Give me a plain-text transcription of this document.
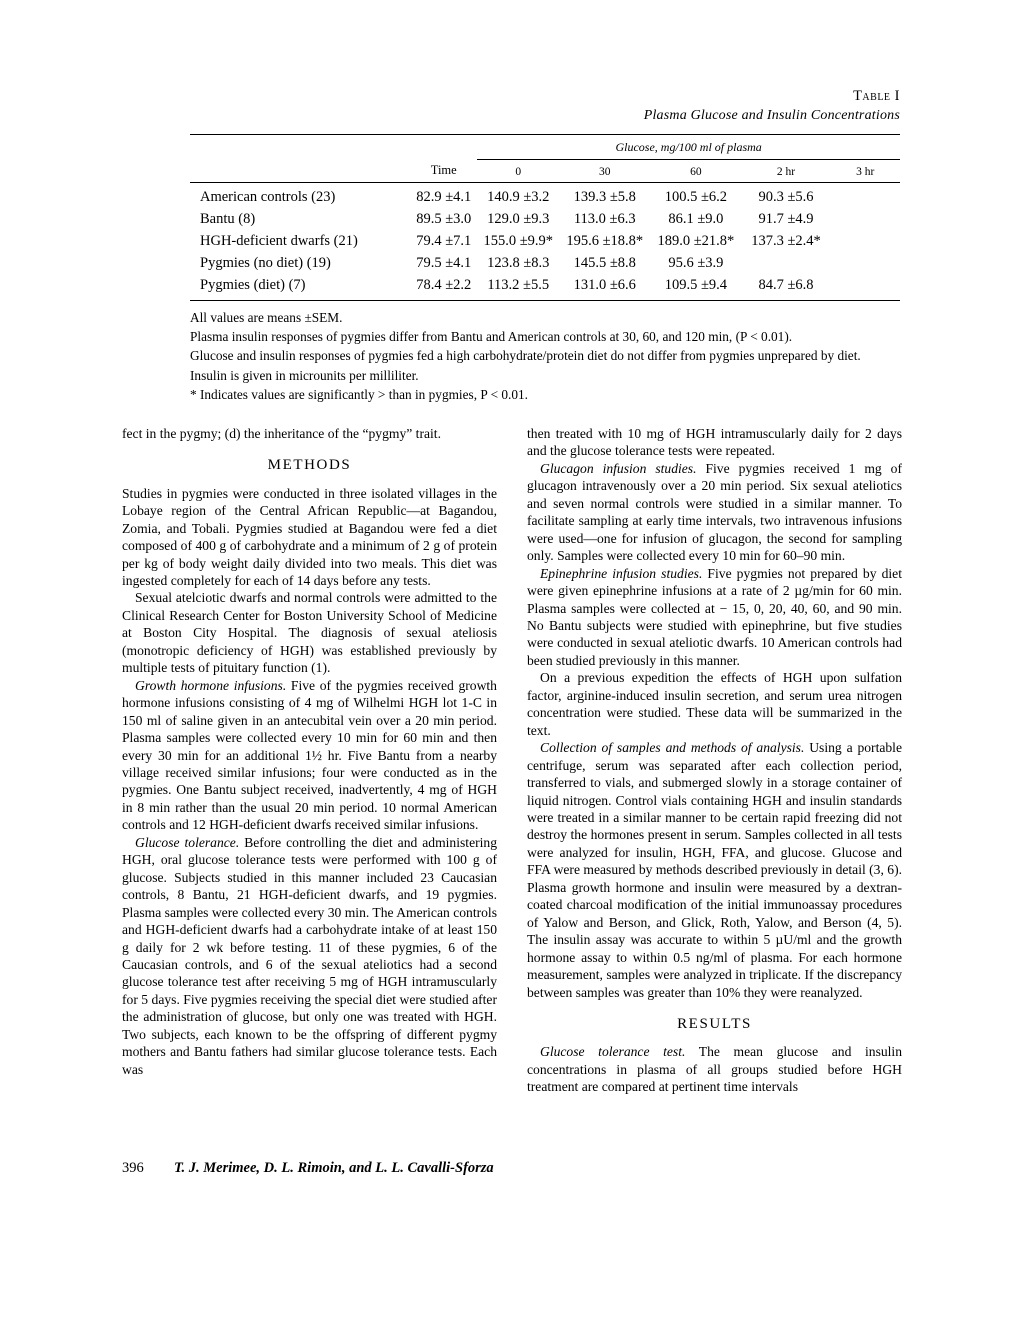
Table I
Plasma Glucose and Insulin Concentrations

		Glucose, mg/100 ml of plasma				
	Time	0	30	60	2 hr	3 hr

American controls (23)	82.9 ±4.1	140.9 ±3.2	139.3 ±5.8	100.5 ±6.2	90.3 ±5.6	
Bantu (8)	89.5 ±3.0	129.0 ±9.3	113.0 ±6.3	86.1 ±9.0	91.7 ±4.9	
HGH-deficient dwarfs (21)	79.4 ±7.1	155.0 ±9.9*	195.6 ±18.8*	189.0 ±21.8*	137.3 ±2.4*	
Pygmies (no diet) (19)	79.5 ±4.1	123.8 ±8.3	145.5 ±8.8	95.6 ±3.9		
Pygmies (diet) (7)	78.4 ±2.2	113.2 ±5.5	131.0 ±6.6	109.5 ±9.4	84.7 ±6.8	

All values are means ±SEM.

Plasma insulin responses of pygmies differ from Bantu and American controls at 30, 60, and 120 min, (P < 0.01).

Glucose and insulin responses of pygmies fed a high carbohydrate/protein diet do not differ from pygmies unprepared by diet.

Insulin is given in microunits per milliliter.

* Indicates values are significantly > than in pygmies, P < 0.01.

fect in the pygmy; (d) the inheritance of the “pygmy” trait.

METHODS

Studies in pygmies were conducted in three isolated villages in the Lobaye region of the Central African Republic—at Bagandou, Zomia, and Tobali. Pygmies studied at Bagandou were fed a diet composed of 400 g of carbohydrate and a minimum of 2 g of protein per kg of body weight daily divided into two meals. This diet was ingested completely for each of 14 days before any tests.

Sexual atelciotic dwarfs and normal controls were admitted to the Clinical Research Center for Boston University School of Medicine at Boston City Hospital. The diagnosis of sexual ateliosis (monotropic deficiency of HGH) was established previously by multiple tests of pituitary function (1).

Growth hormone infusions. Five of the pygmies received growth hormone infusions consisting of 4 mg of Wilhelmi HGH lot 1-C in 150 ml of saline given in an antecubital vein over a 20 min period. Plasma samples were collected every 10 min for 60 min and then every 30 min for an additional 1½ hr. Five Bantu from a nearby village received similar infusions; four were conducted as in the pygmies. One Bantu subject received, inadvertently, 4 mg of HGH in 8 min rather than the usual 20 min period. 10 normal American controls and 12 HGH-deficient dwarfs received similar infusions.

Glucose tolerance. Before controlling the diet and administering HGH, oral glucose tolerance tests were performed with 100 g of glucose. Subjects studied in this manner included 23 Caucasian controls, 8 Bantu, 21 HGH-deficient dwarfs, and 19 pygmies. Plasma samples were collected every 30 min. The American controls and HGH-deficient dwarfs had a carbohydrate intake of at least 150 g daily for 2 wk before testing. 11 of these pygmies, 6 of the Caucasian controls, and 6 of the sexual ateliotics had a second glucose tolerance test after receiving 5 mg of HGH intramuscularly for 5 days. Five pygmies receiving the special diet were studied after the administration of glucose, but only one was treated with HGH. Two subjects, each known to be the offspring of different pygmy mothers and Bantu fathers had similar glucose tolerance tests. Each was

then treated with 10 mg of HGH intramuscularly daily for 2 days and the glucose tolerance tests were repeated.

Glucagon infusion studies. Five pygmies received 1 mg of glucagon intravenously over a 20 min period. Six sexual ateliotics and seven normal controls were studied in a similar manner. To facilitate sampling at early time intervals, two intravenous infusions were used—one for infusion of glucagon, the second for sampling only. Samples were collected every 10 min for 60–90 min.

Epinephrine infusion studies. Five pygmies not prepared by diet were given epinephrine infusions at a rate of 2 µg/min for 60 min. Plasma samples were collected at − 15, 0, 20, 40, 60, and 90 min. No Bantu subjects were studied with epinephrine, but five studies were conducted in sexual ateliotic dwarfs. 10 American controls had been studied previously in this manner.

On a previous expedition the effects of HGH upon sulfation factor, arginine-induced insulin secretion, and serum urea nitrogen concentration were studied. These data will be summarized in the text.

Collection of samples and methods of analysis. Using a portable centrifuge, serum was separated after each collection period, transferred to vials, and submerged slowly in a storage container of liquid nitrogen. Control vials containing HGH and insulin standards were treated in a similar manner to be certain rapid freezing did not destroy the hormones present in serum. Samples collected in all tests were analyzed for insulin, HGH, FFA, and glucose. Glucose and FFA were measured by methods described previously in detail (3, 6). Plasma growth hormone and insulin were measured by a dextran-coated charcoal modification of the initial immunoassay procedures of Yalow and Berson, and Glick, Roth, Yalow, and Berson (4, 5). The insulin assay was accurate to within 5 µU/ml and the growth hormone assay to within 0.5 ng/ml of plasma. For each hormone measurement, samples were analyzed in triplicate. If the discrepancy between samples was greater than 10% they were reanalyzed.

RESULTS

Glucose tolerance test. The mean glucose and insulin concentrations in plasma of all groups studied before HGH treatment are compared at pertinent time intervals

396 T. J. Merimee, D. L. Rimoin, and L. L. Cavalli-Sforza
